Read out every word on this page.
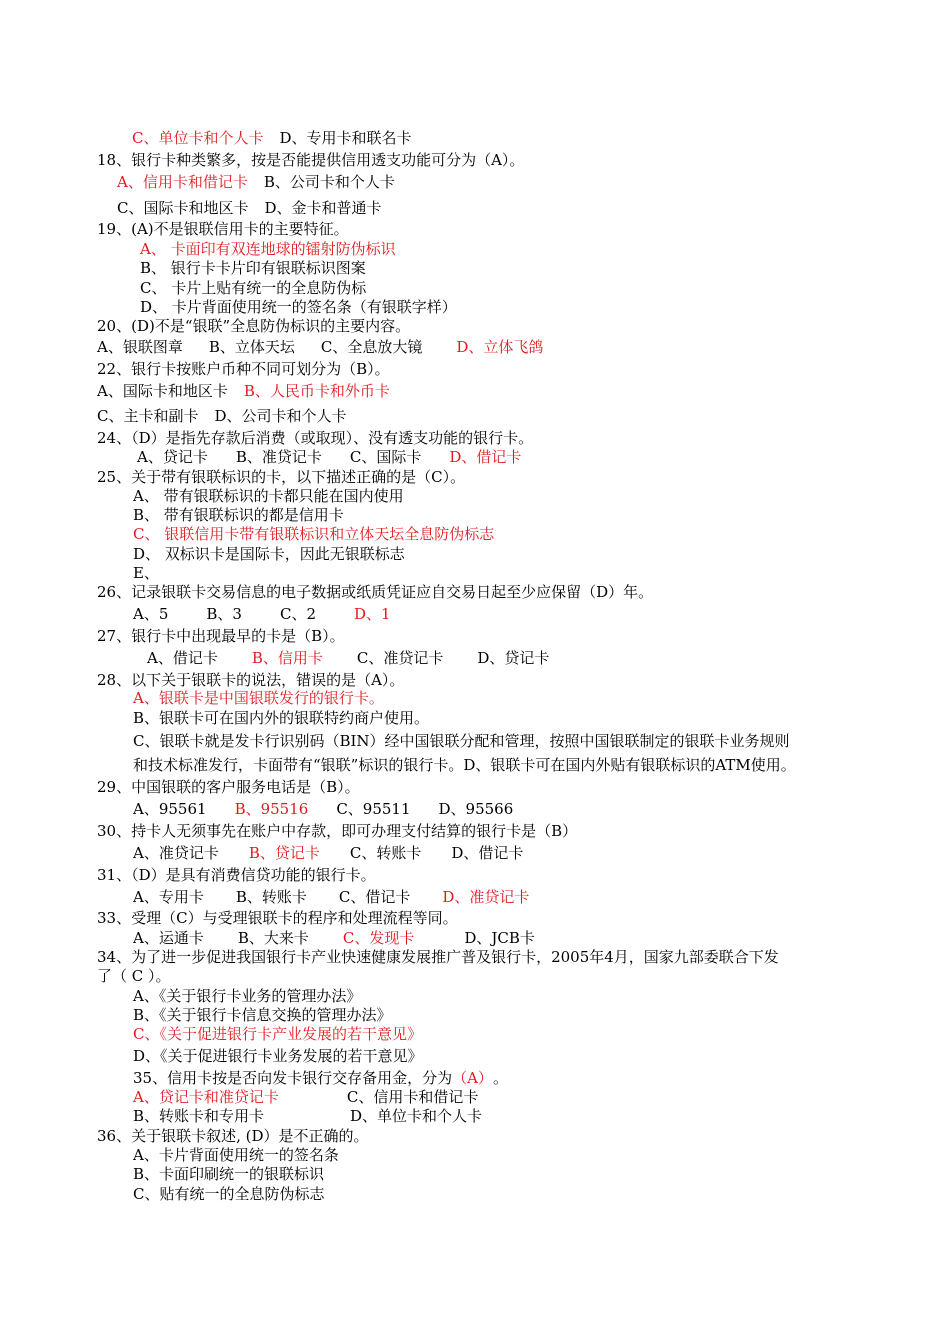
C、单位卡和个人卡 D、专用卡和联名卡
18、银行卡种类繁多，按是否能提供信用透支功能可分为（A）。
A、信用卡和借记卡 B、公司卡和个人卡
C、国际卡和地区卡 D、金卡和普通卡
19、(A)不是银联信用卡的主要特征。
A、 卡面印有双连地球的镭射防伪标识
B、 银行卡卡片印有银联标识图案
C、 卡片上贴有统一的全息防伪标
D、 卡片背面使用统一的签名条（有银联字样）
20、(D)不是“银联”全息防伪标识的主要内容。
A、银联图章 B、立体天坛 C、全息放大镜 D、立体飞鸽
22、银行卡按账户币种不同可划分为（B）。
A、国际卡和地区卡 B、人民币卡和外币卡
C、主卡和副卡 D、公司卡和个人卡
24、（D）是指先存款后消费（或取现）、没有透支功能的银行卡。
A、贷记卡 B、准贷记卡 C、国际卡 D、借记卡
25、关于带有银联标识的卡，以下描述正确的是（C）。
A、 带有银联标识的卡都只能在国内使用
B、 带有银联标识的都是信用卡
C、 银联信用卡带有银联标识和立体天坛全息防伪标志
D、 双标识卡是国际卡，因此无银联标志
E、
26、记录银联卡交易信息的电子数据或纸质凭证应自交易日起至少应保留（D）年。
A、5	B、3	C、2	D、1
27、银行卡中出现最早的卡是（B）。
A、借记卡 B、信用卡 C、准贷记卡 D、贷记卡
28、以下关于银联卡的说法，错误的是（A）。
A、银联卡是中国银联发行的银行卡。
B、银联卡可在国内外的银联特约商户使用。
C、银联卡就是发卡行识别码（BIN）经中国银联分配和管理，按照中国银联制定的银联卡业务规则
和技术标准发行，卡面带有“银联”标识的银行卡。D、银联卡可在国内外贴有银联标识的ATM使用。
29、中国银联的客户服务电话是（B）。
A、95561 B、95516 C、95511 D、95566
30、持卡人无须事先在账户中存款，即可办理支付结算的银行卡是（B）
A、准贷记卡 B、贷记卡 C、转账卡 D、借记卡
31、（D）是具有消费信贷功能的银行卡。
A、专用卡 B、转账卡 C、借记卡 D、准贷记卡
33、受理（C）与受理银联卡的程序和处理流程等同。
A、运通卡 B、大来卡 C、发现卡	D、JCB卡
34、为了进一步促进我国银行卡产业快速健康发展推广普及银行卡，2005年4月，国家九部委联合下发
了（ C ）。
A、《关于银行卡业务的管理办法》
B、《关于银行卡信息交换的管理办法》
C、《关于促进银行卡产业发展的若干意见》
D、《关于促进银行卡业务发展的若干意见》
35、信用卡按是否向发卡银行交存备用金，分为（A）。
A、贷记卡和准贷记卡	C、信用卡和借记卡
B、转账卡和专用卡	D、单位卡和个人卡
36、关于银联卡叙述, (D）是不正确的。
A、卡片背面使用统一的签名条
B、卡面印刷统一的银联标识
C、贴有统一的全息防伪标志
